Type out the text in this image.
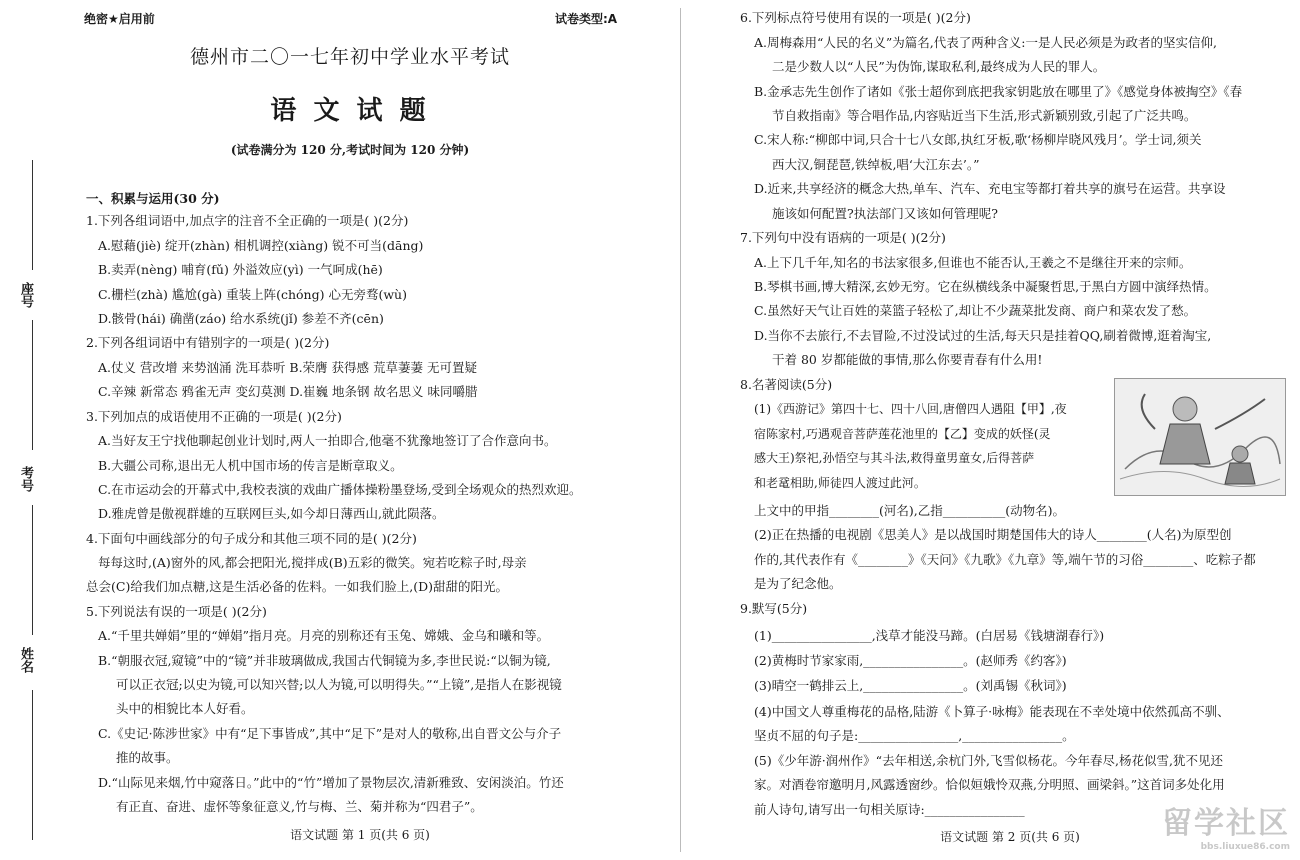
绝密★启用前	试卷类型:A
德州市二〇一七年初中学业水平考试
语 文 试 题
(试卷满分为 120 分,考试时间为 120 分钟)
座号
考号
姓名
一、积累与运用(30 分)
1.下列各组词语中,加点字的注音不全正确的一项是( )(2分)
A.慰藉(jiè) 绽开(zhàn) 相机调控(xiàng) 锐不可当(dāng)
B.卖弄(nèng) 哺育(fǔ) 外溢效应(yì) 一气呵成(hē)
C.栅栏(zhà) 尴尬(gà) 重装上阵(chóng) 心无旁骛(wù)
D.骸骨(hái) 确凿(záo) 给水系统(jǐ) 参差不齐(cēn)
2.下列各组词语中有错别字的一项是( )(2分)
A.仗义 营改增 来势汹涌 洗耳恭听 B.荣膺 获得感 荒草萋萋 无可置疑
C.辛辣 新常态 鸦雀无声 变幻莫测 D.崔巍 地条钢 故名思义 味同嚼腊
3.下列加点的成语使用不正确的一项是( )(2分)
A.当好友王宁找他聊起创业计划时,两人一拍即合,他毫不犹豫地签订了合作意向书。
B.大疆公司称,退出无人机中国市场的传言是断章取义。
C.在市运动会的开幕式中,我校表演的戏曲广播体操粉墨登场,受到全场观众的热烈欢迎。
D.雅虎曾是傲视群雄的互联网巨头,如今却日薄西山,就此陨落。
4.下面句中画线部分的句子成分和其他三项不同的是( )(2分)
每每这时,(A)窗外的风,都会把阳光,搅拌成(B)五彩的微笑。宛若吃粽子时,母亲
总会(C)给我们加点糖,这是生活必备的佐料。一如我们脸上,(D)甜甜的阳光。
5.下列说法有误的一项是( )(2分)
A.“千里共婵娟”里的“婵娟”指月亮。月亮的别称还有玉兔、嫦娥、金乌和曦和等。
B.“朝服衣冠,窥镜”中的“镜”并非玻璃做成,我国古代铜镜为多,李世民说:“以铜为镜,
可以正衣冠;以史为镜,可以知兴替;以人为镜,可以明得失。”“上镜”,是指人在影视镜
头中的相貌比本人好看。
C.《史记·陈涉世家》中有“足下事皆成”,其中“足下”是对人的敬称,出自晋文公与介子
推的故事。
D.“山际见来烟,竹中窥落日。”此中的“竹”增加了景物层次,清新雅致、安闲淡泊。竹还
有正直、奋进、虚怀等象征意义,竹与梅、兰、菊并称为“四君子”。
语文试题 第 1 页(共 6 页)
6.下列标点符号使用有误的一项是( )(2分)
A.周梅森用“人民的名义”为篇名,代表了两种含义:一是人民必须是为政者的坚实信仰,
二是少数人以“人民”为伪饰,谋取私利,最终成为人民的罪人。
B.金承志先生创作了诸如《张士超你到底把我家钥匙放在哪里了》《感觉身体被掏空》《春
节自救指南》等合唱作品,内容贴近当下生活,形式新颖别致,引起了广泛共鸣。
C.宋人称:“柳郎中词,只合十七八女郎,执红牙板,歌‘杨柳岸晓风残月’。学士词,须关
西大汉,铜琵琶,铁绰板,唱‘大江东去’。”
D.近来,共享经济的概念大热,单车、汽车、充电宝等都打着共享的旗号在运营。共享设
施该如何配置?执法部门又该如何管理呢?
7.下列句中没有语病的一项是( )(2分)
A.上下几千年,知名的书法家很多,但谁也不能否认,王羲之不是继往开来的宗师。
B.琴棋书画,博大精深,玄妙无穷。它在纵横线条中凝聚哲思,于黑白方圆中演绎热情。
C.虽然好天气让百姓的菜篮子轻松了,却让不少蔬菜批发商、商户和菜农发了愁。
D.当你不去旅行,不去冒险,不过没试过的生活,每天只是挂着QQ,刷着微博,逛着淘宝,
干着 80 岁都能做的事情,那么你要青春有什么用!
8.名著阅读(5分)
(1)《西游记》第四十七、四十八回,唐僧四人遇阻【甲】,夜
宿陈家村,巧遇观音菩萨莲花池里的【乙】变成的妖怪(灵
感大王)祭祀,孙悟空与其斗法,救得童男童女,后得菩萨
和老鼋相助,师徒四人渡过此河。
上文中的甲指________(河名),乙指__________(动物名)。
(2)正在热播的电视剧《思美人》是以战国时期楚国伟大的诗人________(人名)为原型创
作的,其代表作有《________》《天问》《九歌》《九章》等,端午节的习俗________、吃粽子都
是为了纪念他。
9.默写(5分)
(1)________________,浅草才能没马蹄。(白居易《钱塘湖春行》)
(2)黄梅时节家家雨,________________。(赵师秀《约客》)
(3)晴空一鹤排云上,________________。(刘禹锡《秋词》)
(4)中国文人尊重梅花的品格,陆游《卜算子·咏梅》能表现在不幸处境中依然孤高不驯、
坚贞不屈的句子是:________________,________________。
(5)《少年游·润州作》“去年相送,余杭门外,飞雪似杨花。今年春尽,杨花似雪,犹不见还
家。对酒卷帘邀明月,风露透窗纱。恰似姮娥怜双燕,分明照、画梁斜。”这首词多处化用
前人诗句,请写出一句相关原诗:________________
语文试题 第 2 页(共 6 页)	留学社区
bbs.liuxue86.com
